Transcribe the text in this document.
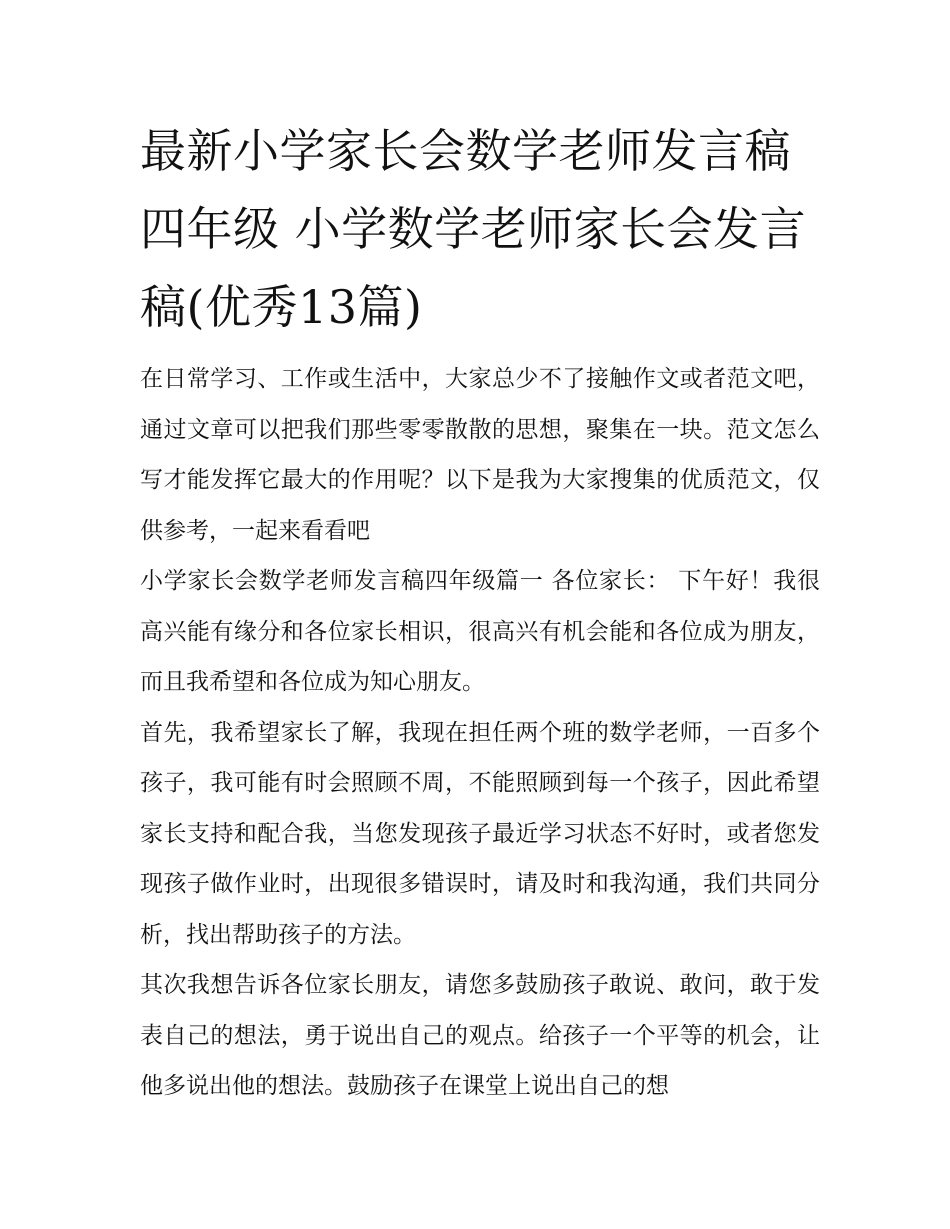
最新小学家长会数学老师发言稿四年级 小学数学老师家长会发言稿(优秀13篇)

在日常学习、工作或生活中，大家总少不了接触作文或者范文吧，通过文章可以把我们那些零零散散的思想，聚集在一块。范文怎么写才能发挥它最大的作用呢？以下是我为大家搜集的优质范文，仅供参考，一起来看看吧

小学家长会数学老师发言稿四年级篇一 各位家长： 下午好！我很高兴能有缘分和各位家长相识，很高兴有机会能和各位成为朋友，而且我希望和各位成为知心朋友。

首先，我希望家长了解，我现在担任两个班的数学老师，一百多个孩子，我可能有时会照顾不周，不能照顾到每一个孩子，因此希望家长支持和配合我，当您发现孩子最近学习状态不好时，或者您发现孩子做作业时，出现很多错误时，请及时和我沟通，我们共同分析，找出帮助孩子的方法。

其次我想告诉各位家长朋友，请您多鼓励孩子敢说、敢问，敢于发表自己的想法，勇于说出自己的观点。给孩子一个平等的机会，让他多说出他的想法。鼓励孩子在课堂上说出自己的想
